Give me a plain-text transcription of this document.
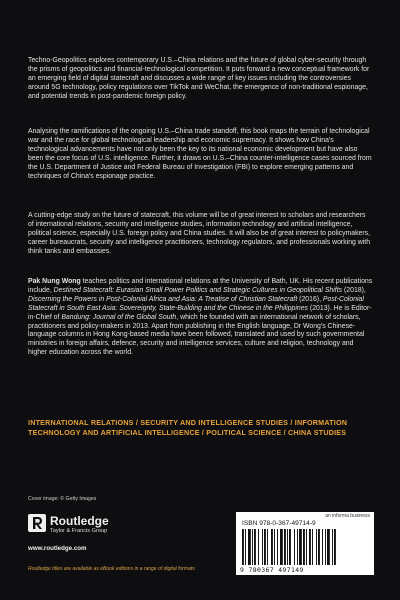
Techno-Geopolitics explores contemporary U.S.–China relations and the future of global cyber-security through the prisms of geopolitics and financial-technological competition. It puts forward a new conceptual framework for an emerging field of digital statecraft and discusses a wide range of key issues including the controversies around 5G technology, policy regulations over TikTok and WeChat, the emergence of non-traditional espionage, and potential trends in post-pandemic foreign policy.
Analysing the ramifications of the ongoing U.S.–China trade standoff, this book maps the terrain of technological war and the race for global technological leadership and economic supremacy. It shows how China's technological advancements have not only been the key to its national economic development but have also been the core focus of U.S. intelligence. Further, it draws on U.S.–China counter-intelligence cases sourced from the U.S. Department of Justice and Federal Bureau of Investigation (FBI) to explore emerging patterns and techniques of China's espionage practice.
A cutting-edge study on the future of statecraft, this volume will be of great interest to scholars and researchers of international relations, security and intelligence studies, information technology and artificial intelligence, political science, especially U.S. foreign policy and China studies. It will also be of great interest to policymakers, career bureaucrats, security and intelligence practitioners, technology regulators, and professionals working with think tanks and embassies.
Pak Nung Wong teaches politics and international relations at the University of Bath, UK. His recent publications include, Destined Statecraft: Eurasian Small Power Politics and Strategic Cultures in Geopolitical Shifts (2018), Discerning the Powers in Post-Colonial Africa and Asia: A Treatise of Christian Statecraft (2016), Post-Colonial Statecraft in South East Asia: Sovereignty, State-Building and the Chinese in the Philippines (2013). He is Editor-in-Chief of Bandung: Journal of the Global South, which he founded with an international network of scholars, practitioners and policy-makers in 2013. Apart from publishing in the English language, Dr Wong's Chinese-language columns in Hong Kong-based media have been followed, translated and used by such governmental ministries in foreign affairs, defence, security and intelligence services, culture and religion, technology and higher education across the world.
INTERNATIONAL RELATIONS / SECURITY AND INTELLIGENCE STUDIES / INFORMATION TECHNOLOGY AND ARTIFICIAL INTELLIGENCE / POLITICAL SCIENCE / CHINA STUDIES
Cover image: © Getty Images
Routledge
Taylor & Francis Group
www.routledge.com
Routledge titles are available as eBook editions in a range of digital formats
an informa business
ISBN 978-0-367-49714-9
9 780367 497149
